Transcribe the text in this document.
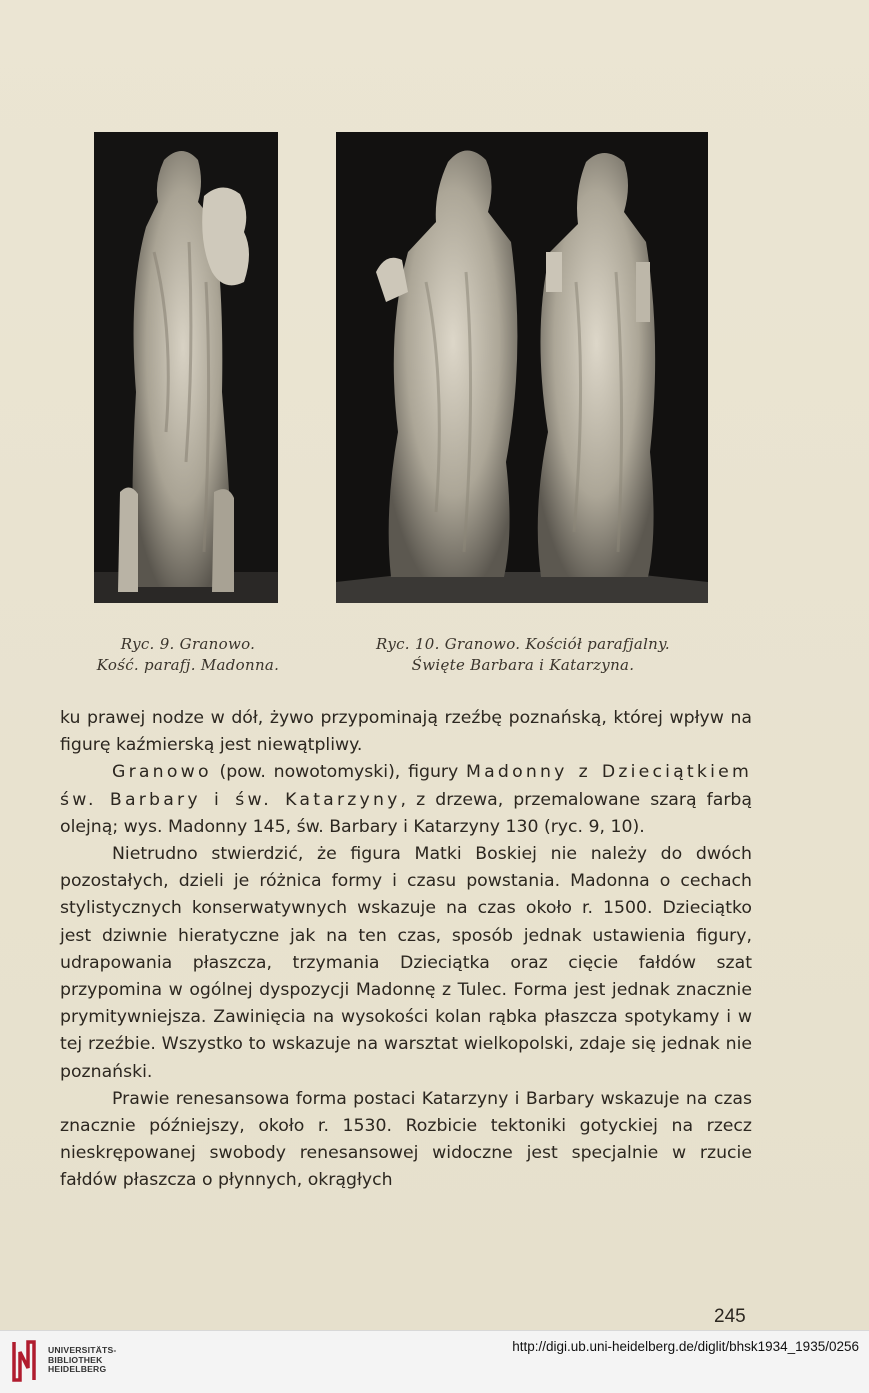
Ryc. 9. Granowo.
Kość. parafj. Madonna.
Ryc. 10. Granowo. Kościół parafjalny.
Święte Barbara i Katarzyna.

ku prawej nodze w dół, żywo przypominają rzeźbę poznańską, której wpływ na figurę kaźmierską jest niewątpliwy.

Granowo (pow. nowotomyski), figury Madonny z Dzieciątkiem św. Barbary i św. Katarzyny, z drzewa, przemalowane szarą farbą olejną; wys. Madonny 145, św. Barbary i Katarzyny 130 (ryc. 9, 10).

Nietrudno stwierdzić, że figura Matki Boskiej nie należy do dwóch pozostałych, dzieli je różnica formy i czasu powstania. Madonna o cechach stylistycznych konserwatywnych wskazuje na czas około r. 1500. Dzieciątko jest dziwnie hieratyczne jak na ten czas, sposób jednak ustawienia figury, udrapowania płaszcza, trzymania Dzieciątka oraz cięcie fałdów szat przypomina w ogólnej dyspozycji Madonnę z Tulec. Forma jest jednak znacznie prymitywniejsza. Zawinięcia na wysokości kolan rąbka płaszcza spotykamy i w tej rzeźbie. Wszystko to wskazuje na warsztat wielkopolski, zdaje się jednak nie poznański.

Prawie renesansowa forma postaci Katarzyny i Barbary wskazuje na czas znacznie późniejszy, około r. 1530. Rozbicie tektoniki gotyckiej na rzecz nieskrępowanej swobody renesansowej widoczne jest specjalnie w rzucie fałdów płaszcza o płynnych, okrągłych

245
UNIVERSITÄTS-
BIBLIOTHEK
HEIDELBERG
http://digi.ub.uni-heidelberg.de/diglit/bhsk1934_1935/0256
